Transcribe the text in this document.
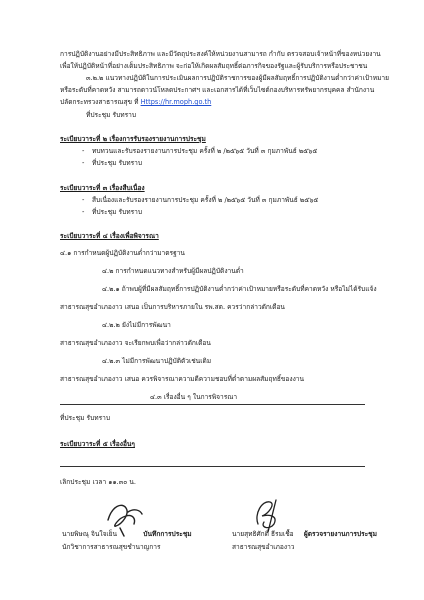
การปฏิบัติงานอย่างมีประสิทธิภาพ และมีวัตถุประสงค์ให้หน่วยงานสามารถ กำกับ ตรวจสอบเจ้าหน้าที่ของหน่วยงาน
เพื่อให้ปฏิบัติหน้าที่อย่างเต็มประสิทธิภาพ จะก่อให้เกิดผลสัมฤทธิ์ต่อภารกิจของรัฐและผู้รับบริการหรือประชาชน
๓.๒.๒ แนวทางปฏิบัติในการประเมินผลการปฏิบัติราชการของผู้มีผลสัมฤทธิ์การปฏิบัติงานต่ำกว่าค่าเป้าหมาย
หรือระดับที่คาดหวัง สามารถดาวน์โหลดประกาศฯ และเอกสารได้ที่เว็บไซต์กองบริหารทรัพยากรบุคคล สำนักงาน
ปลัดกระทรวงสาธารณสุข ที่ Https://hr.moph.go.th
ที่ประชุม รับทราบ
ระเบียบวาระที่ ๒ เรื่องการรับรองรายงานการประชุม
- ทบทวนและรับรองรายงานการประชุม ครั้งที่ ๒ /๒๕๖๕ วันที่ ๓ กุมภาพันธ์ ๒๕๖๕
- ที่ประชุม รับทราบ
ระเบียบวาระที่ ๓ เรื่องสืบเนื่อง
- สืบเนื่องและรับรองรายงานการประชุม ครั้งที่ ๒ /๒๕๖๕ วันที่ ๓ กุมภาพันธ์ ๒๕๖๕
- ที่ประชุม รับทราบ
ระเบียบวาระที่ ๔ เรื่องเพื่อพิจารณา
๔.๑ การกำหนดผู้ปฏิบัติงานต่ำกว่ามาตรฐาน
๔.๒ การกำหนดแนวทางสำหรับผู้มีผลปฏิบัติงานต่ำ
๔.๒.๑ ถ้าพบผู้ที่มีผลสัมฤทธิ์การปฏิบัติงานต่ำกว่าค่าเป้าหมายหรือระดับที่คาดหวัง หรือไม่ได้รับแจ้ง
สาธารณสุขอำเภองาว เสนอ เป็นการบริหารภายใน รพ.สต. ควรว่ากล่าวตักเตือน
๔.๒.๒ ยังไม่มีการพัฒนา
สาธารณสุขอำเภองาว จะเรียกพบเพื่อว่ากล่าวตักเตือน
๔.๒.๓ ไม่มีการพัฒนาปฏิบัติตัวเช่นเดิม
สาธารณสุขอำเภองาว เสนอ ควรพิจารณาความดีความชอบที่ต่ำตามผลสัมฤทธิ์ของงาน
๔.๓ เรื่องอื่น ๆ ในการพิจารณา
ที่ประชุม รับทราบ
ระเบียบวาระที่ ๕ เรื่องอื่นๆ
เลิกประชุม เวลา ๑๑.๓๐ น.
นายพิษณุ จินใจเย็น	บันทึกการประชุม
นักวิชาการสาธารณสุขชำนาญการ
นายสุทธิศักดิ์ ธีรมเชื้อ ผู้ตรวจรายงานการประชุม
สาธารณสุขอำเภองาว
